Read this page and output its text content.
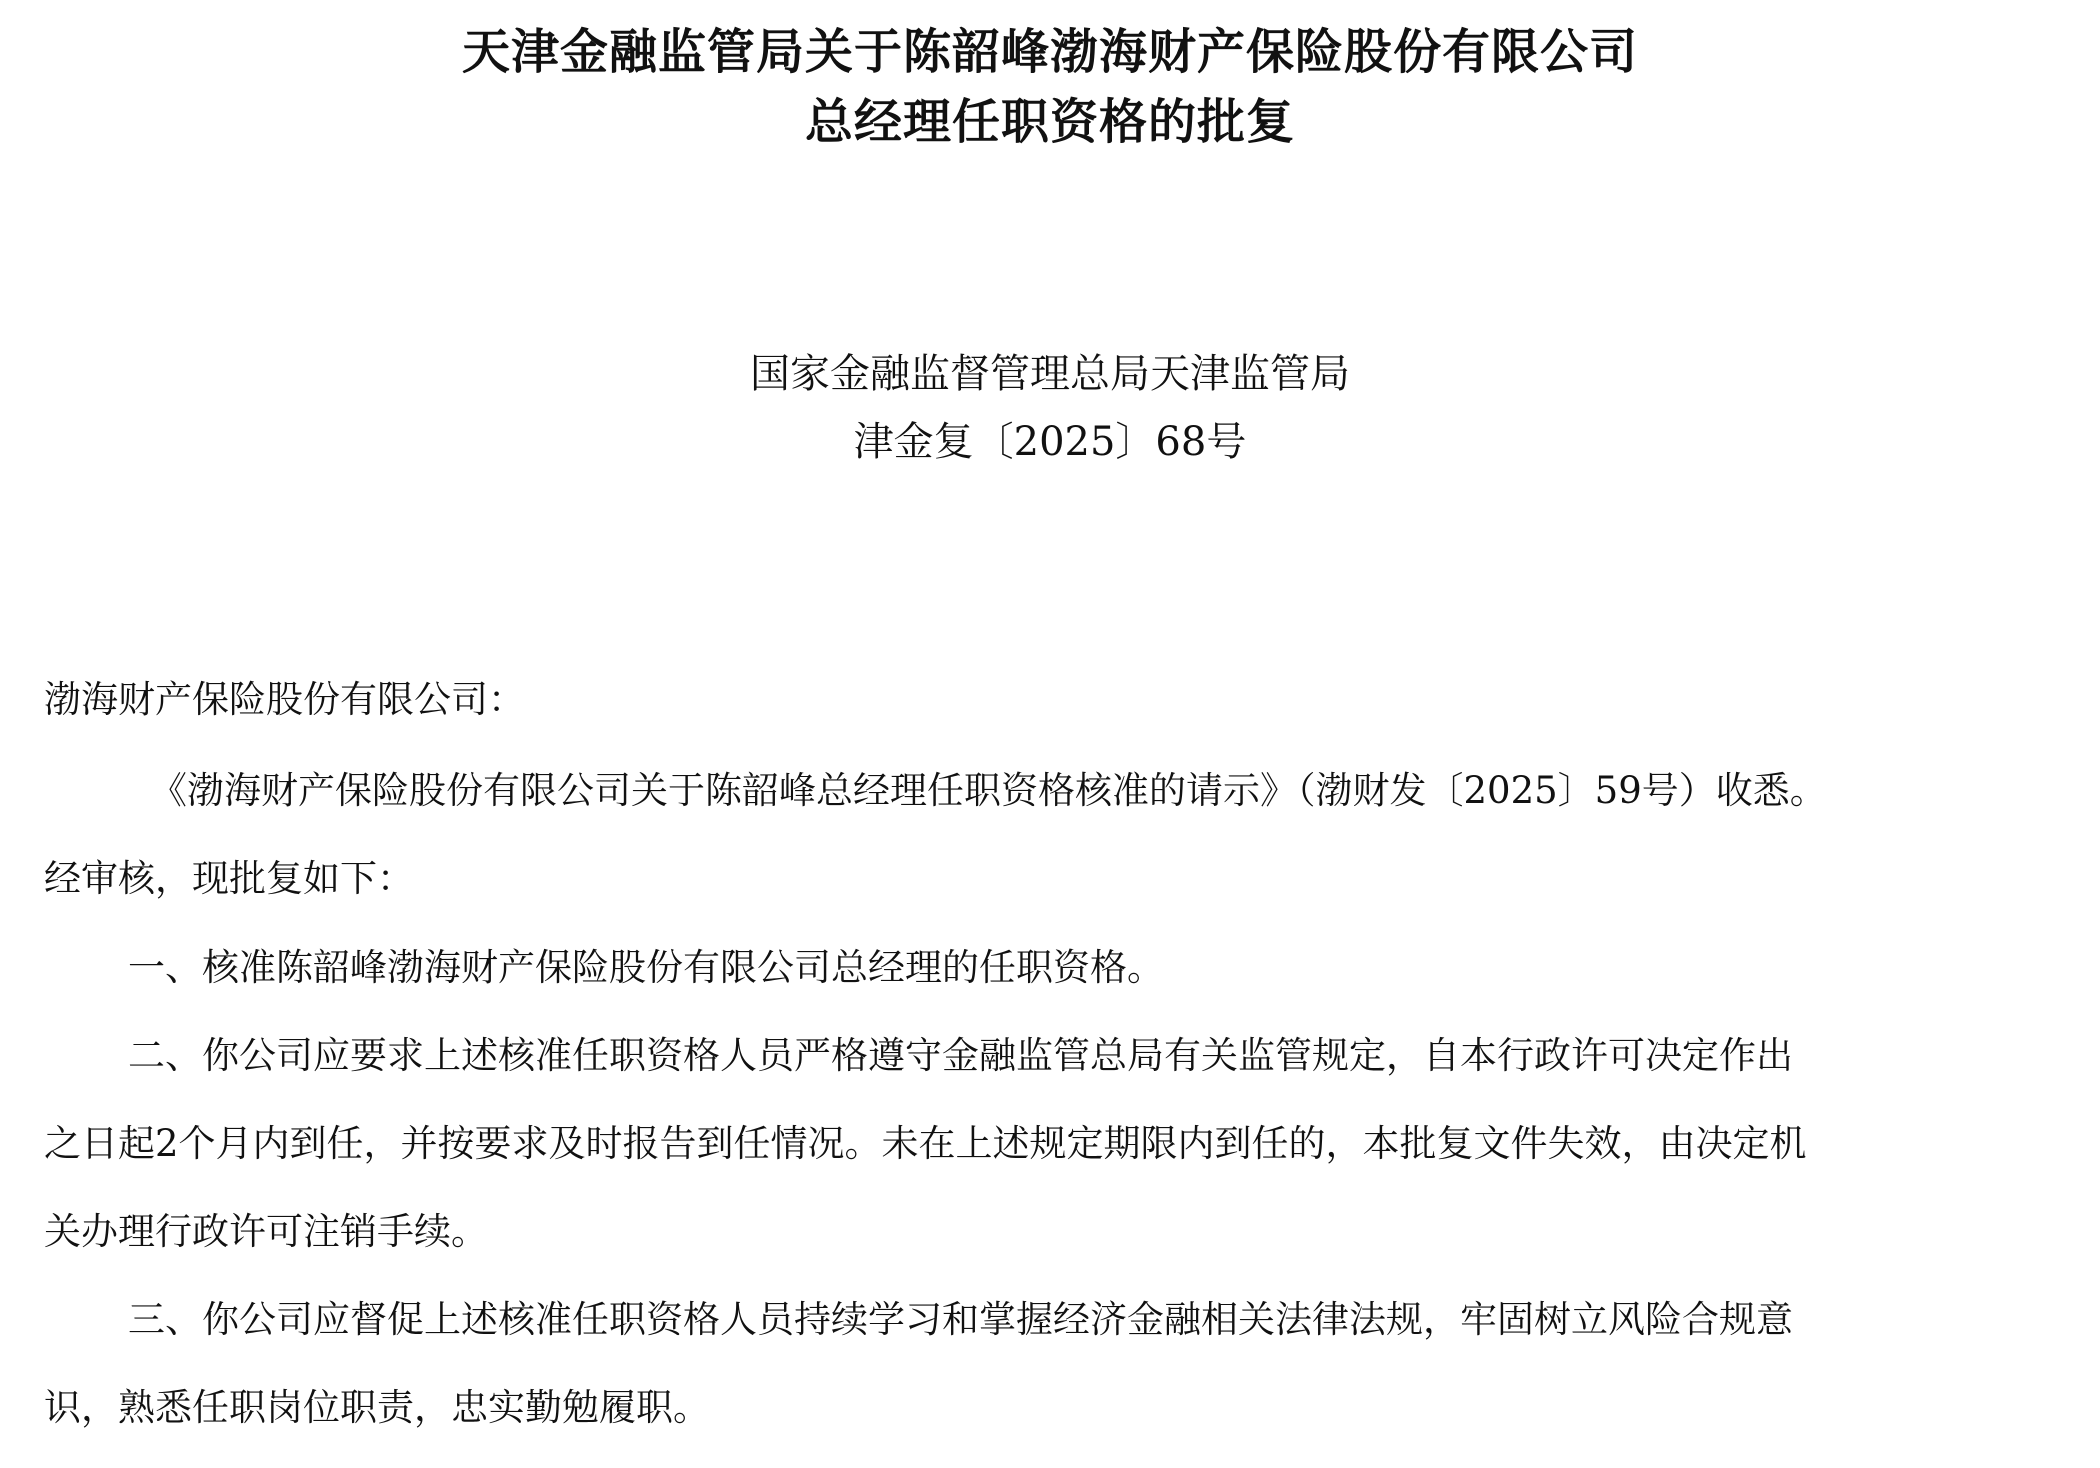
天津金融监管局关于陈韶峰渤海财产保险股份有限公司
总经理任职资格的批复
国家金融监督管理总局天津监管局
津金复〔2025〕68号
渤海财产保险股份有限公司：
《渤海财产保险股份有限公司关于陈韶峰总经理任职资格核准的请示》（渤财发〔2025〕59号）收悉。
经审核，现批复如下：
一、核准陈韶峰渤海财产保险股份有限公司总经理的任职资格。
二、你公司应要求上述核准任职资格人员严格遵守金融监管总局有关监管规定，自本行政许可决定作出
之日起2个月内到任，并按要求及时报告到任情况。未在上述规定期限内到任的，本批复文件失效，由决定机
关办理行政许可注销手续。
三、你公司应督促上述核准任职资格人员持续学习和掌握经济金融相关法律法规，牢固树立风险合规意
识，熟悉任职岗位职责，忠实勤勉履职。
